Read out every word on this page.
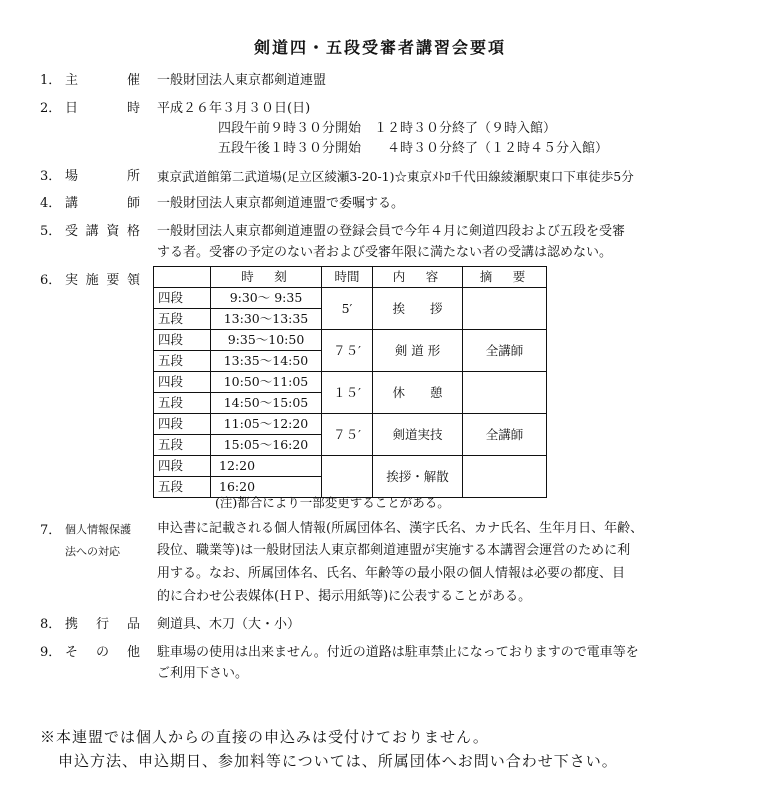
剣道四・五段受審者講習会要項
1． 主	催 一般財団法人東京都剣道連盟
2． 日	時 平成２６年３月３０日(日)
四段午前９時３０分開始　１２時３０分終了（９時入館）
五段午後１時３０分開始　　４時３０分終了（１２時４５分入館）
3． 場	所 東京武道館第二武道場(足立区綾瀬3-20-1)☆東京ﾒﾄﾛ千代田線綾瀬駅東口下車徒歩5分
4． 講	師 一般財団法人東京都剣道連盟で委嘱する。
5． 受 講 資 格 一般財団法人東京都剣道連盟の登録会員で今年４月に剣道四段および五段を受審
する者。受審の予定のない者および受審年限に満たない者の受講は認めない。
6． 実 施 要 領
		時　刻	時間	内　容	摘　要
四段	9:30〜 9:35	5′	挨　　拶	
五段	13:30〜13:35			
四段	9:35〜10:50	７５′	剣 道 形	全講師
五段	13:35〜14:50			
四段	10:50〜11:05	１５′	休　　憩	
五段	14:50〜15:05			
四段	11:05〜12:20	７５′	剣道実技	全講師
五段	15:05〜16:20			
四段	12:20		挨拶・解散	
五段	16:20			
(注)都合により一部変更することがある。
7． 個人情報保護
法への対応
申込書に記載される個人情報(所属団体名、漢字氏名、カナ氏名、生年月日、年齢、
段位、職業等)は一般財団法人東京都剣道連盟が実施する本講習会運営のために利
用する。なお、所属団体名、氏名、年齢等の最小限の個人情報は必要の都度、目
的に合わせ公表媒体(ＨＰ、掲示用紙等)に公表することがある。
8． 携 行 品 剣道具、木刀（大・小）
9． そ の 他 駐車場の使用は出来ません。付近の道路は駐車禁止になっておりますので電車等を
ご利用下さい。
※本連盟では個人からの直接の申込みは受付けておりません。
申込方法、申込期日、参加料等については、所属団体へお問い合わせ下さい。
